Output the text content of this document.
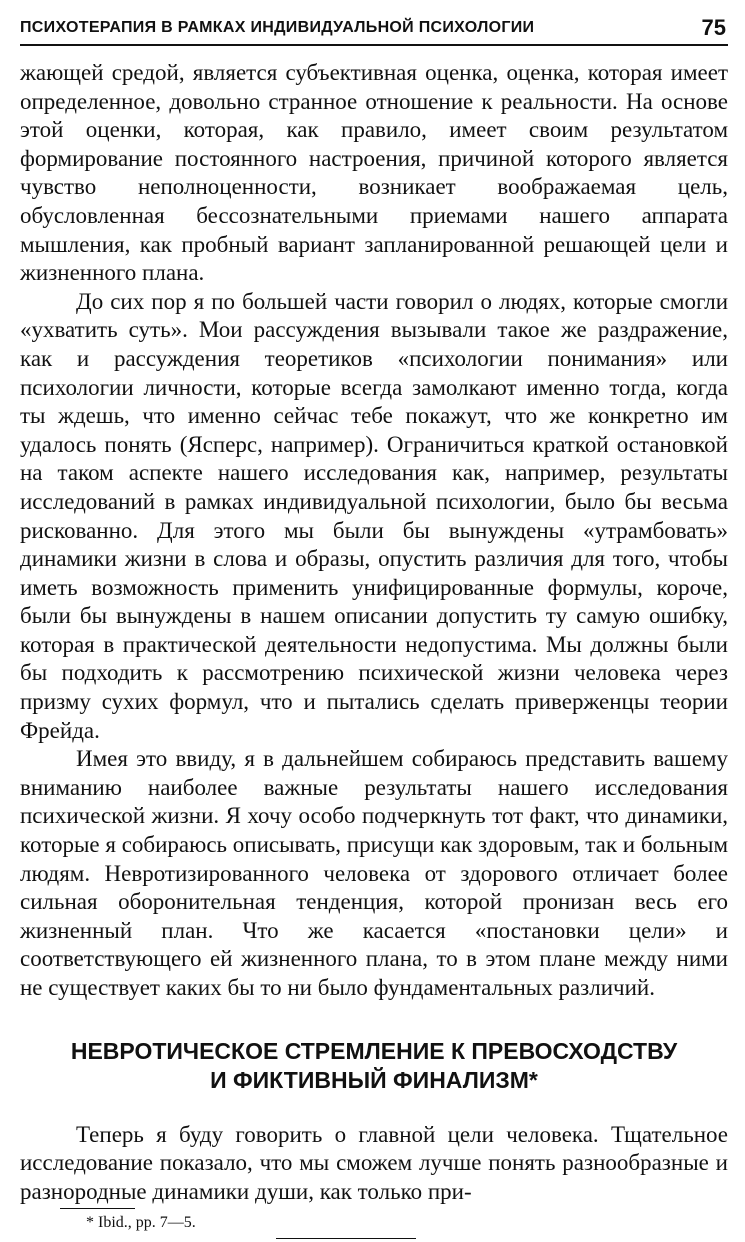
ПСИХОТЕРАПИЯ В РАМКАХ ИНДИВИДУАЛЬНОЙ ПСИХОЛОГИИ	75

жающей средой, является субъективная оценка, оценка, которая имеет определенное, довольно странное отношение к реальности. На основе этой оценки, которая, как правило, имеет своим результатом формирование постоянного настроения, причиной которого является чувство неполноценности, возникает воображаемая цель, обусловленная бессознательными приемами нашего аппарата мышления, как пробный вариант запланированной решающей цели и жизненного плана.

До сих пор я по большей части говорил о людях, которые смогли «ухватить суть». Мои рассуждения вызывали такое же раздражение, как и рассуждения теоретиков «психологии понимания» или психологии личности, которые всегда замолкают именно тогда, когда ты ждешь, что именно сейчас тебе покажут, что же конкретно им удалось понять (Ясперс, например). Ограничиться краткой остановкой на таком аспекте нашего исследования как, например, результаты исследований в рамках индивидуальной психологии, было бы весьма рискованно. Для этого мы были бы вынуждены «утрамбовать» динамики жизни в слова и образы, опустить различия для того, чтобы иметь возможность применить унифицированные формулы, короче, были бы вынуждены в нашем описании допустить ту самую ошибку, которая в практической деятельности недопустима. Мы должны были бы подходить к рассмотрению психической жизни человека через призму сухих формул, что и пытались сделать приверженцы теории Фрейда.

Имея это ввиду, я в дальнейшем собираюсь представить вашему вниманию наиболее важные результаты нашего исследования психической жизни. Я хочу особо подчеркнуть тот факт, что динамики, которые я собираюсь описывать, присущи как здоровым, так и больным людям. Невротизированного человека от здорового отличает более сильная оборонительная тенденция, которой пронизан весь его жизненный план. Что же касается «постановки цели» и соответствующего ей жизненного плана, то в этом плане между ними не существует каких бы то ни было фундаментальных различий.

НЕВРОТИЧЕСКОЕ СТРЕМЛЕНИЕ К ПРЕВОСХОДСТВУ
И ФИКТИВНЫЙ ФИНАЛИЗМ*

Теперь я буду говорить о главной цели человека. Тщательное исследование показало, что мы сможем лучше понять разнообразные и разнородные динамики души, как только при-

* Ibid., pp. 7—5.
